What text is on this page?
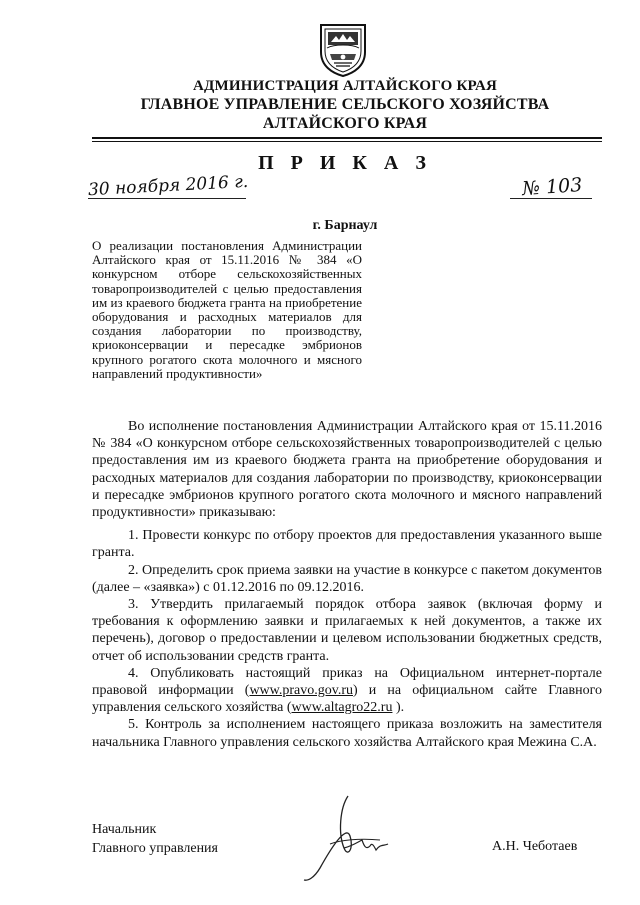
АДМИНИСТРАЦИЯ АЛТАЙСКОГО КРАЯ
ГЛАВНОЕ УПРАВЛЕНИЕ СЕЛЬСКОГО ХОЗЯЙСТВА
АЛТАЙСКОГО КРАЯ
П Р И К А З
30 ноября 2016 г.	№ 103
г. Барнаул
О реализации постановления Администрации Алтайского края от 15.11.2016 № 384 «О конкурсном отборе сельскохозяйственных товаропроизводителей с целью предоставления им из краевого бюджета гранта на приобретение оборудования и расходных материалов для создания лаборатории по производству, криоконсервации и пересадке эмбрионов крупного рогатого скота молочного и мясного направлений продуктивности»

Во исполнение постановления Администрации Алтайского края от 15.11.2016 № 384 «О конкурсном отборе сельскохозяйственных товаропроизводителей с целью предоставления им из краевого бюджета гранта на приобретение оборудования и расходных материалов для создания лаборатории по производству, криоконсервации и пересадке эмбрионов крупного рогатого скота молочного и мясного направлений продуктивности» приказываю:

1. Провести конкурс по отбору проектов для предоставления указанного выше гранта.

2. Определить срок приема заявки на участие в конкурсе с пакетом документов (далее – «заявка») с 01.12.2016 по 09.12.2016.

3. Утвердить прилагаемый порядок отбора заявок (включая форму и требования к оформлению заявки и прилагаемых к ней документов, а также их перечень), договор о предоставлении и целевом использовании бюджетных средств, отчет об использовании средств гранта.

4. Опубликовать настоящий приказ на Официальном интернет-портале правовой информации (www.pravo.gov.ru) и на официальном сайте Главного управления сельского хозяйства (www.altagro22.ru ).

5. Контроль за исполнением настоящего приказа возложить на заместителя начальника Главного управления сельского хозяйства Алтайского края Межина С.А.

Начальник
Главного управления	А.Н. Чеботаев
